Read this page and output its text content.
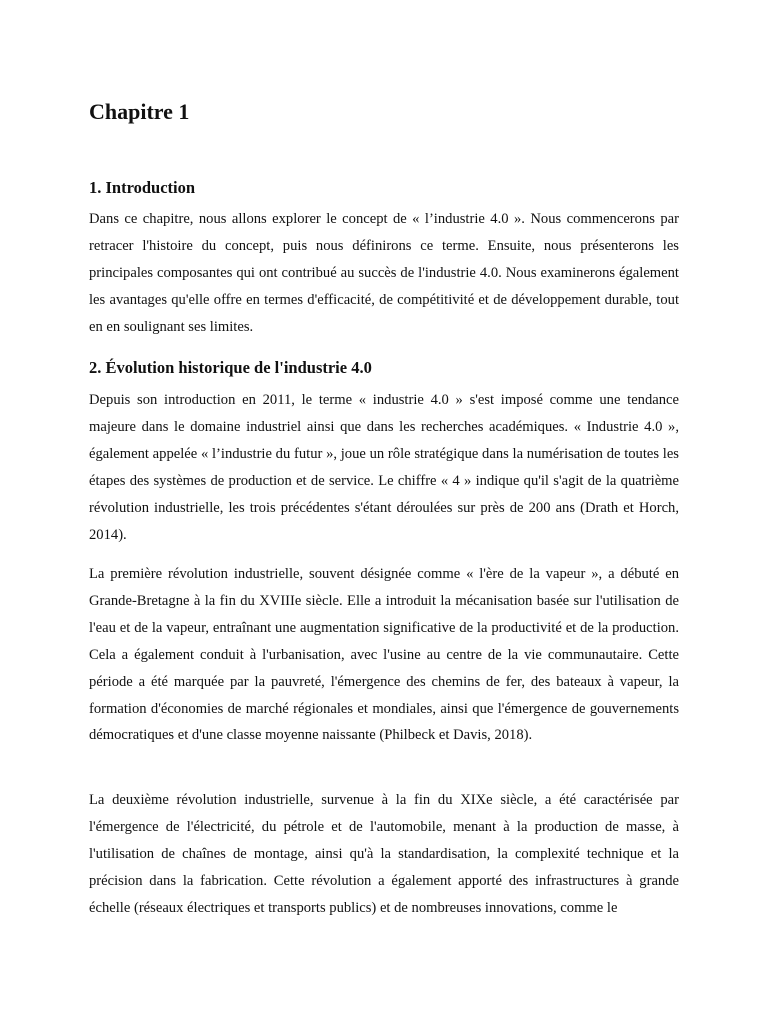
Chapitre 1
1. Introduction

Dans ce chapitre, nous allons explorer le concept de « l’industrie 4.0 ». Nous commencerons par retracer l'histoire du concept, puis nous définirons ce terme. Ensuite, nous présenterons les principales composantes qui ont contribué au succès de l'industrie 4.0. Nous examinerons également les avantages qu'elle offre en termes d'efficacité, de compétitivité et de développement durable, tout en en soulignant ses limites.

2. Évolution historique de l'industrie 4.0

Depuis son introduction en 2011, le terme « industrie 4.0 » s'est imposé comme une tendance majeure dans le domaine industriel ainsi que dans les recherches académiques. « Industrie 4.0 », également appelée « l’industrie du futur », joue un rôle stratégique dans la numérisation de toutes les étapes des systèmes de production et de service. Le chiffre « 4 » indique qu'il s'agit de la quatrième révolution industrielle, les trois précédentes s'étant déroulées sur près de 200 ans (Drath et Horch, 2014).

La première révolution industrielle, souvent désignée comme « l'ère de la vapeur », a débuté en Grande-Bretagne à la fin du XVIIIe siècle. Elle a introduit la mécanisation basée sur l'utilisation de l'eau et de la vapeur, entraînant une augmentation significative de la productivité et de la production. Cela a également conduit à l'urbanisation, avec l'usine au centre de la vie communautaire. Cette période a été marquée par la pauvreté, l'émergence des chemins de fer, des bateaux à vapeur, la formation d'économies de marché régionales et mondiales, ainsi que l'émergence de gouvernements démocratiques et d'une classe moyenne naissante (Philbeck et Davis, 2018).

La deuxième révolution industrielle, survenue à la fin du XIXe siècle, a été caractérisée par l'émergence de l'électricité, du pétrole et de l'automobile, menant à la production de masse, à l'utilisation de chaînes de montage, ainsi qu'à la standardisation, la complexité technique et la précision dans la fabrication. Cette révolution a également apporté des infrastructures à grande échelle (réseaux électriques et transports publics) et de nombreuses innovations, comme le
